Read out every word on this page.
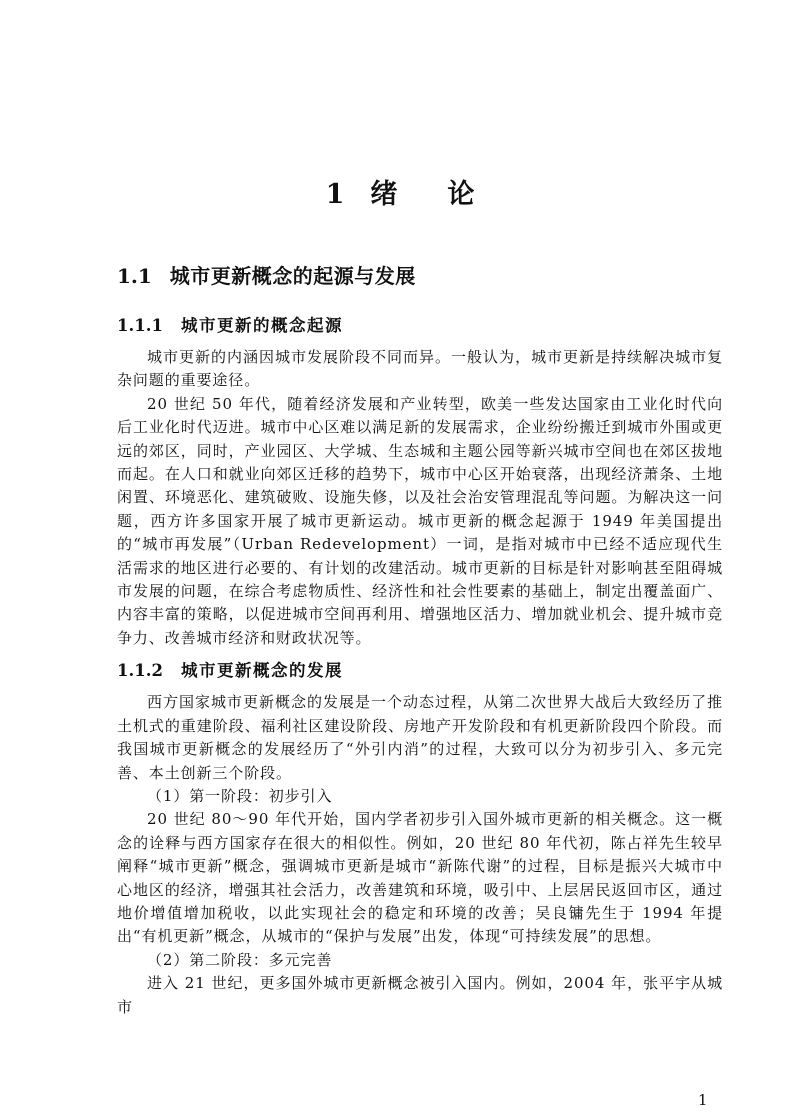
1 绪 论
1.1 城市更新概念的起源与发展
1.1.1 城市更新的概念起源

城市更新的内涵因城市发展阶段不同而异。一般认为，城市更新是持续解决城市复杂问题的重要途径。

20 世纪 50 年代，随着经济发展和产业转型，欧美一些发达国家由工业化时代向后工业化时代迈进。城市中心区难以满足新的发展需求，企业纷纷搬迁到城市外围或更远的郊区，同时，产业园区、大学城、生态城和主题公园等新兴城市空间也在郊区拔地而起。在人口和就业向郊区迁移的趋势下，城市中心区开始衰落，出现经济萧条、土地闲置、环境恶化、建筑破败、设施失修，以及社会治安管理混乱等问题。为解决这一问题，西方许多国家开展了城市更新运动。城市更新的概念起源于 1949 年美国提出的“城市再发展”（Urban Redevelopment）一词，是指对城市中已经不适应现代生活需求的地区进行必要的、有计划的改建活动。城市更新的目标是针对影响甚至阻碍城市发展的问题，在综合考虑物质性、经济性和社会性要素的基础上，制定出覆盖面广、内容丰富的策略，以促进城市空间再利用、增强地区活力、增加就业机会、提升城市竞争力、改善城市经济和财政状况等。

1.1.2 城市更新概念的发展

西方国家城市更新概念的发展是一个动态过程，从第二次世界大战后大致经历了推土机式的重建阶段、福利社区建设阶段、房地产开发阶段和有机更新阶段四个阶段。而我国城市更新概念的发展经历了“外引内消”的过程，大致可以分为初步引入、多元完善、本土创新三个阶段。

（1）第一阶段：初步引入

20 世纪 80～90 年代开始，国内学者初步引入国外城市更新的相关概念。这一概念的诠释与西方国家存在很大的相似性。例如，20 世纪 80 年代初，陈占祥先生较早阐释“城市更新”概念，强调城市更新是城市“新陈代谢”的过程，目标是振兴大城市中心地区的经济，增强其社会活力，改善建筑和环境，吸引中、上层居民返回市区，通过地价增值增加税收，以此实现社会的稳定和环境的改善；吴良镛先生于 1994 年提出“有机更新”概念，从城市的“保护与发展”出发，体现“可持续发展”的思想。

（2）第二阶段：多元完善

进入 21 世纪，更多国外城市更新概念被引入国内。例如，2004 年，张平宇从城市

1
